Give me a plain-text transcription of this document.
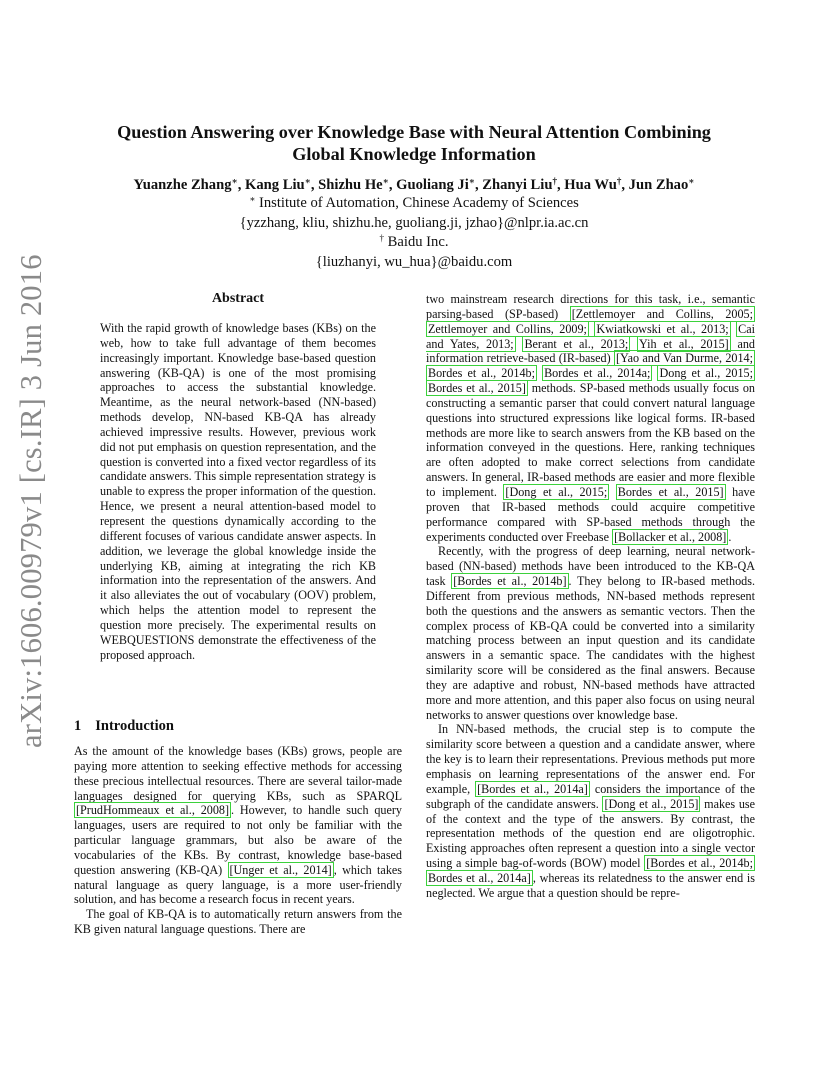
arXiv:1606.00979v1 [cs.IR] 3 Jun 2016
Question Answering over Knowledge Base with Neural Attention Combining
Global Knowledge Information
Yuanzhe Zhang∗, Kang Liu∗, Shizhu He∗, Guoliang Ji∗, Zhanyi Liu†, Hua Wu†, Jun Zhao∗
∗ Institute of Automation, Chinese Academy of Sciences
{yzzhang, kliu, shizhu.he, guoliang.ji, jzhao}@nlpr.ia.ac.cn
† Baidu Inc.
{liuzhanyi, wu_hua}@baidu.com
Abstract
With the rapid growth of knowledge bases (KBs) on the web, how to take full advantage of them becomes increasingly important. Knowledge base-based question answering (KB-QA) is one of the most promising approaches to access the substantial knowledge. Meantime, as the neural network-based (NN-based) methods develop, NN-based KB-QA has already achieved impressive results. However, previous work did not put emphasis on question representation, and the question is converted into a fixed vector regardless of its candidate answers. This simple representation strategy is unable to express the proper information of the question. Hence, we present a neural attention-based model to represent the questions dynamically according to the different focuses of various candidate answer aspects. In addition, we leverage the global knowledge inside the underlying KB, aiming at integrating the rich KB information into the representation of the answers. And it also alleviates the out of vocabulary (OOV) problem, which helps the attention model to represent the question more precisely. The experimental results on WEBQUESTIONS demonstrate the effectiveness of the proposed approach.
1 Introduction

As the amount of the knowledge bases (KBs) grows, people are paying more attention to seeking effective methods for accessing these precious intellectual resources. There are several tailor-made languages designed for querying KBs, such as SPARQL [PrudHommeaux et al., 2008] . However, to handle such query languages, users are required to not only be familiar with the particular language grammars, but also be aware of the vocabularies of the KBs. By contrast, knowledge base-based question answering (KB-QA) [Unger et al., 2014] , which takes natural language as query language, is a more user-friendly solution, and has become a research focus in recent years.

The goal of KB-QA is to automatically return answers from the KB given natural language questions. There are

two mainstream research directions for this task, i.e., semantic parsing-based (SP-based) [Zettlemoyer and Collins, 2005; Zettlemoyer and Collins, 2009; Kwiatkowski et al., 2013; Cai and Yates, 2013; Berant et al., 2013; Yih et al., 2015] and information retrieve-based (IR-based) [Yao and Van Durme, 2014; Bordes et al., 2014b; Bordes et al., 2014a; Dong et al., 2015; Bordes et al., 2015] methods. SP-based methods usually focus on constructing a semantic parser that could convert natural language questions into structured expressions like logical forms. IR-based methods are more like to search answers from the KB based on the information conveyed in the questions. Here, ranking techniques are often adopted to make correct selections from candidate answers. In general, IR-based methods are easier and more flexible to implement. [Dong et al., 2015; Bordes et al., 2015] have proven that IR-based methods could acquire competitive performance compared with SP-based methods through the experiments conducted over Freebase [Bollacker et al., 2008] .

Recently, with the progress of deep learning, neural network-based (NN-based) methods have been introduced to the KB-QA task [Bordes et al., 2014b] . They belong to IR-based methods. Different from previous methods, NN-based methods represent both the questions and the answers as semantic vectors. Then the complex process of KB-QA could be converted into a similarity matching process between an input question and its candidate answers in a semantic space. The candidates with the highest similarity score will be considered as the final answers. Because they are adaptive and robust, NN-based methods have attracted more and more attention, and this paper also focus on using neural networks to answer questions over knowledge base.

In NN-based methods, the crucial step is to compute the similarity score between a question and a candidate answer, where the key is to learn their representations. Previous methods put more emphasis on learning representations of the answer end. For example, [Bordes et al., 2014a] considers the importance of the subgraph of the candidate answers. [Dong et al., 2015] makes use of the context and the type of the answers. By contrast, the representation methods of the question end are oligotrophic. Existing approaches often represent a question into a single vector using a simple bag-of-words (BOW) model [Bordes et al., 2014b; Bordes et al., 2014a] , whereas its relatedness to the answer end is neglected. We argue that a question should be repre-
